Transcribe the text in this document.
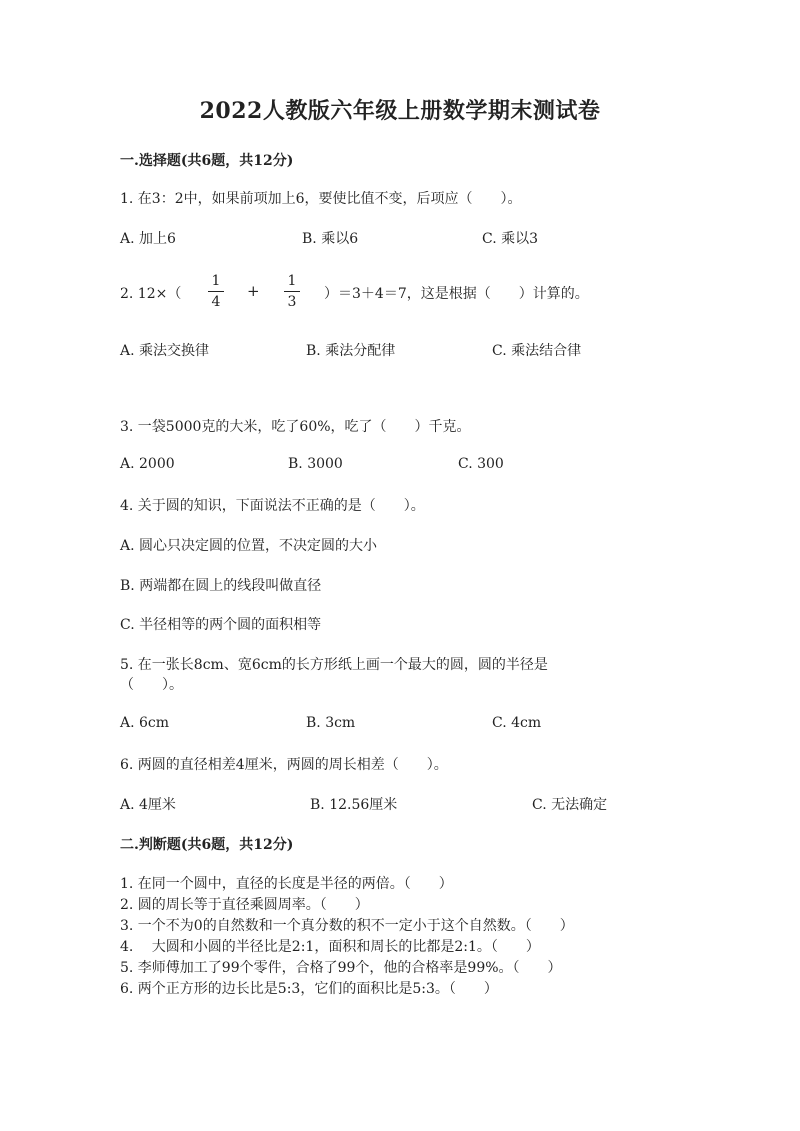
2022人教版六年级上册数学期末测试卷
一.选择题(共6题，共12分)
1. 在3：2中，如果前项加上6，要使比值不变，后项应（　　）。
A. 加上6	B. 乘以6	C. 乘以3
2. 12×（
1
4
+
1
3 ）＝3＋4＝7，这是根据（　　）计算的。
A. 乘法交换律	B. 乘法分配律	C. 乘法结合律
3. 一袋5000克的大米，吃了60%，吃了（　　）千克。
A. 2000	B. 3000	C. 300
4. 关于圆的知识，下面说法不正确的是（　　）。
A. 圆心只决定圆的位置，不决定圆的大小
B. 两端都在圆上的线段叫做直径
C. 半径相等的两个圆的面积相等
5. 在一张长8cm、宽6cm的长方形纸上画一个最大的圆，圆的半径是
（　　）。
A. 6cm	B. 3cm	C. 4cm
6. 两圆的直径相差4厘米，两圆的周长相差（　　）。
A. 4厘米	B. 12.56厘米	C. 无法确定
二.判断题(共6题，共12分)
1. 在同一个圆中，直径的长度是半径的两倍。（　　）
2. 圆的周长等于直径乘圆周率。（　　）
3. 一个不为0的自然数和一个真分数的积不一定小于这个自然数。（　　）
4.　 大圆和小圆的半径比是2:1，面积和周长的比都是2:1。（　　）
5. 李师傅加工了99个零件，合格了99个，他的合格率是99%。（　　）
6. 两个正方形的边长比是5:3，它们的面积比是5:3。（　　）
